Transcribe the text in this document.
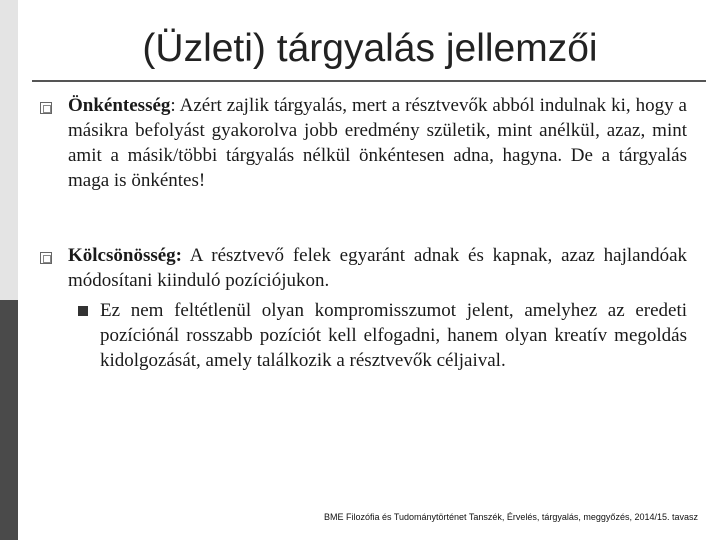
(Üzleti) tárgyalás jellemzői
Önkéntesség: Azért zajlik tárgyalás, mert a résztvevők abból indulnak ki, hogy a másikra befolyást gyakorolva jobb eredmény születik, mint anélkül, azaz, mint amit a másik/többi tárgyalás nélkül önkéntesen adna, hagyna. De a tárgyalás maga is önkéntes!
Kölcsönösség: A résztvevő felek egyaránt adnak és kapnak, azaz hajlandóak módosítani kiinduló pozíciójukon.
Ez nem feltétlenül olyan kompromisszumot jelent, amelyhez az eredeti pozíciónál rosszabb pozíciót kell elfogadni, hanem olyan kreatív megoldás kidolgozását, amely találkozik a résztvevők céljaival.
BME Filozófia és Tudománytörténet Tanszék, Érvelés, tárgyalás, meggyőzés, 2014/15. tavasz
